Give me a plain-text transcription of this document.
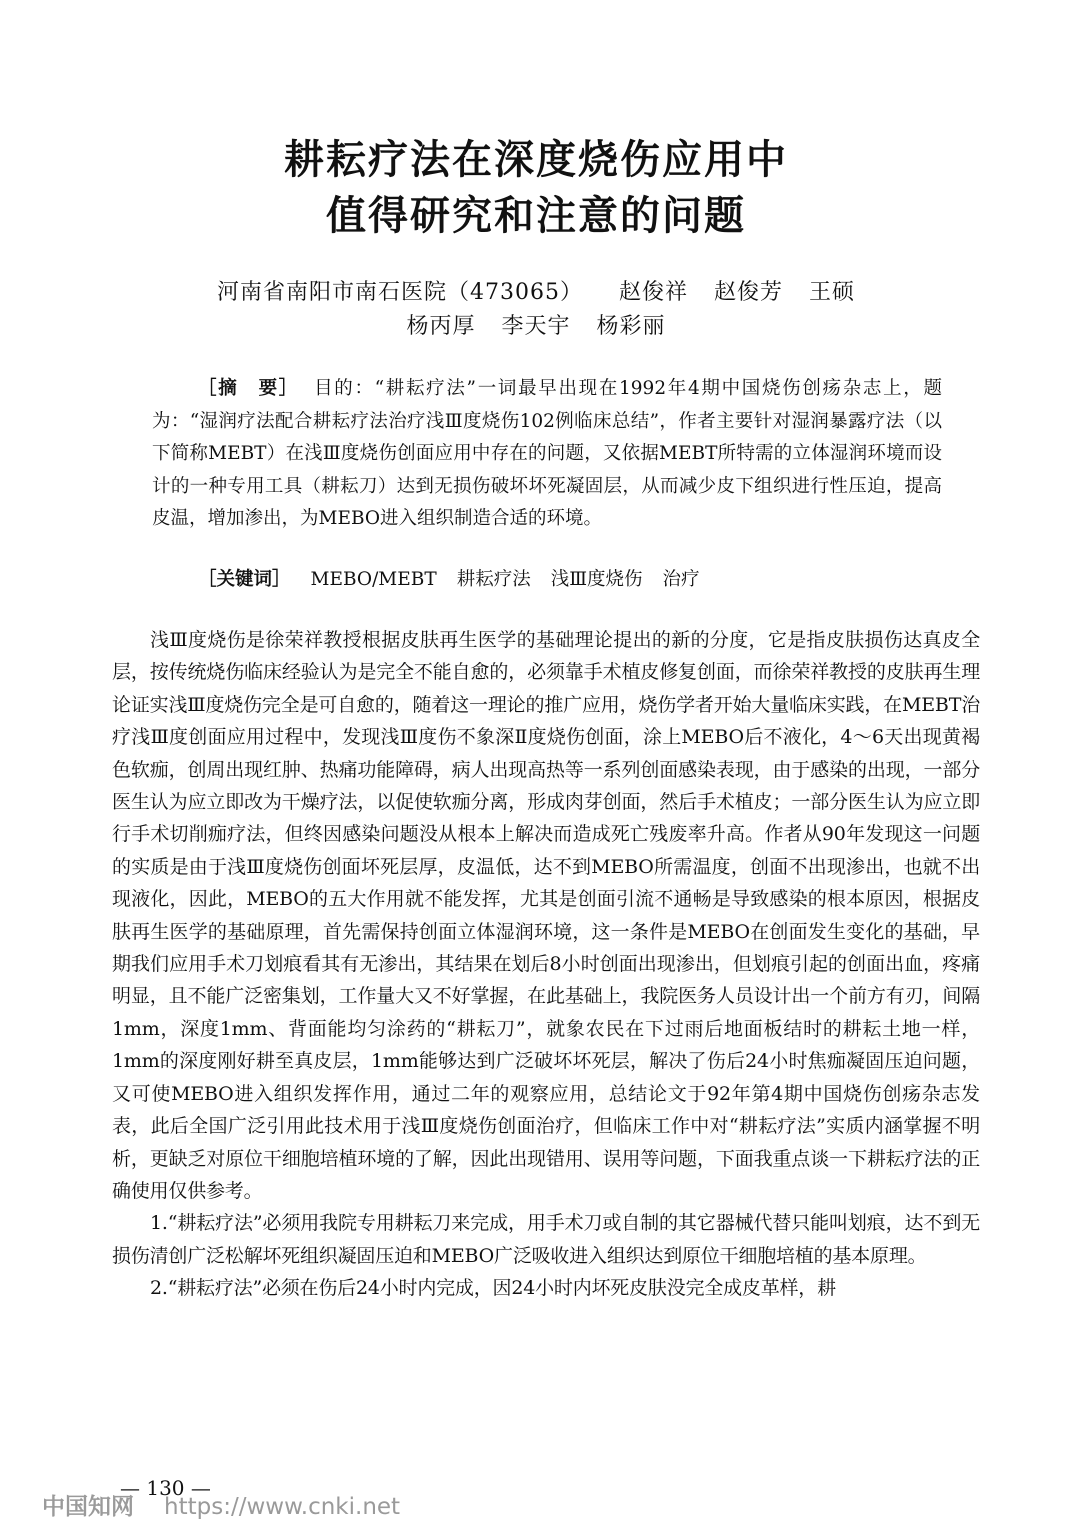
耕耘疗法在深度烧伤应用中
值得研究和注意的问题
河南省南阳市南石医院（473065） 赵俊祥 赵俊芳 王硕
杨丙厚 李天宇 杨彩丽

［摘　要］ 目的：“耕耘疗法”一词最早出现在1992年4期中国烧伤创疡杂志上，题为：“湿润疗法配合耕耘疗法治疗浅Ⅲ度烧伤102例临床总结”，作者主要针对湿润暴露疗法（以下简称MEBT）在浅Ⅲ度烧伤创面应用中存在的问题，又依据MEBT所特需的立体湿润环境而设计的一种专用工具（耕耘刀）达到无损伤破坏坏死凝固层，从而减少皮下组织进行性压迫，提高皮温，增加渗出，为MEBO进入组织制造合适的环境。

［关键词］ MEBO/MEBT 耕耘疗法 浅Ⅲ度烧伤 治疗

浅Ⅲ度烧伤是徐荣祥教授根据皮肤再生医学的基础理论提出的新的分度，它是指皮肤损伤达真皮全层，按传统烧伤临床经验认为是完全不能自愈的，必须靠手术植皮修复创面，而徐荣祥教授的皮肤再生理论证实浅Ⅲ度烧伤完全是可自愈的，随着这一理论的推广应用，烧伤学者开始大量临床实践，在MEBT治疗浅Ⅲ度创面应用过程中，发现浅Ⅲ度伤不象深Ⅱ度烧伤创面，涂上MEBO后不液化，4～6天出现黄褐色软痂，创周出现红肿、热痛功能障碍，病人出现高热等一系列创面感染表现，由于感染的出现，一部分医生认为应立即改为干燥疗法，以促使软痂分离，形成肉芽创面，然后手术植皮；一部分医生认为应立即行手术切削痂疗法，但终因感染问题没从根本上解决而造成死亡残废率升高。作者从90年发现这一问题的实质是由于浅Ⅲ度烧伤创面坏死层厚，皮温低，达不到MEBO所需温度，创面不出现渗出，也就不出现液化，因此，MEBO的五大作用就不能发挥，尤其是创面引流不通畅是导致感染的根本原因，根据皮肤再生医学的基础原理，首先需保持创面立体湿润环境，这一条件是MEBO在创面发生变化的基础，早期我们应用手术刀划痕看其有无渗出，其结果在划后8小时创面出现渗出，但划痕引起的创面出血，疼痛明显，且不能广泛密集划，工作量大又不好掌握，在此基础上，我院医务人员设计出一个前方有刃，间隔1mm，深度1mm、背面能均匀涂药的“耕耘刀”，就象农民在下过雨后地面板结时的耕耘土地一样，1mm的深度刚好耕至真皮层，1mm能够达到广泛破坏坏死层，解决了伤后24小时焦痂凝固压迫问题，又可使MEBO进入组织发挥作用，通过二年的观察应用，总结论文于92年第4期中国烧伤创疡杂志发表，此后全国广泛引用此技术用于浅Ⅲ度烧伤创面治疗，但临床工作中对“耕耘疗法”实质内涵掌握不明析，更缺乏对原位干细胞培植环境的了解，因此出现错用、误用等问题，下面我重点谈一下耕耘疗法的正确使用仅供参考。

1.“耕耘疗法”必须用我院专用耕耘刀来完成，用手术刀或自制的其它器械代替只能叫划痕，达不到无损伤清创广泛松解坏死组织凝固压迫和MEBO广泛吸收进入组织达到原位干细胞培植的基本原理。

2.“耕耘疗法”必须在伤后24小时内完成，因24小时内坏死皮肤没完全成皮革样，耕

— 130 —
中国知网 https://www.cnki.net
